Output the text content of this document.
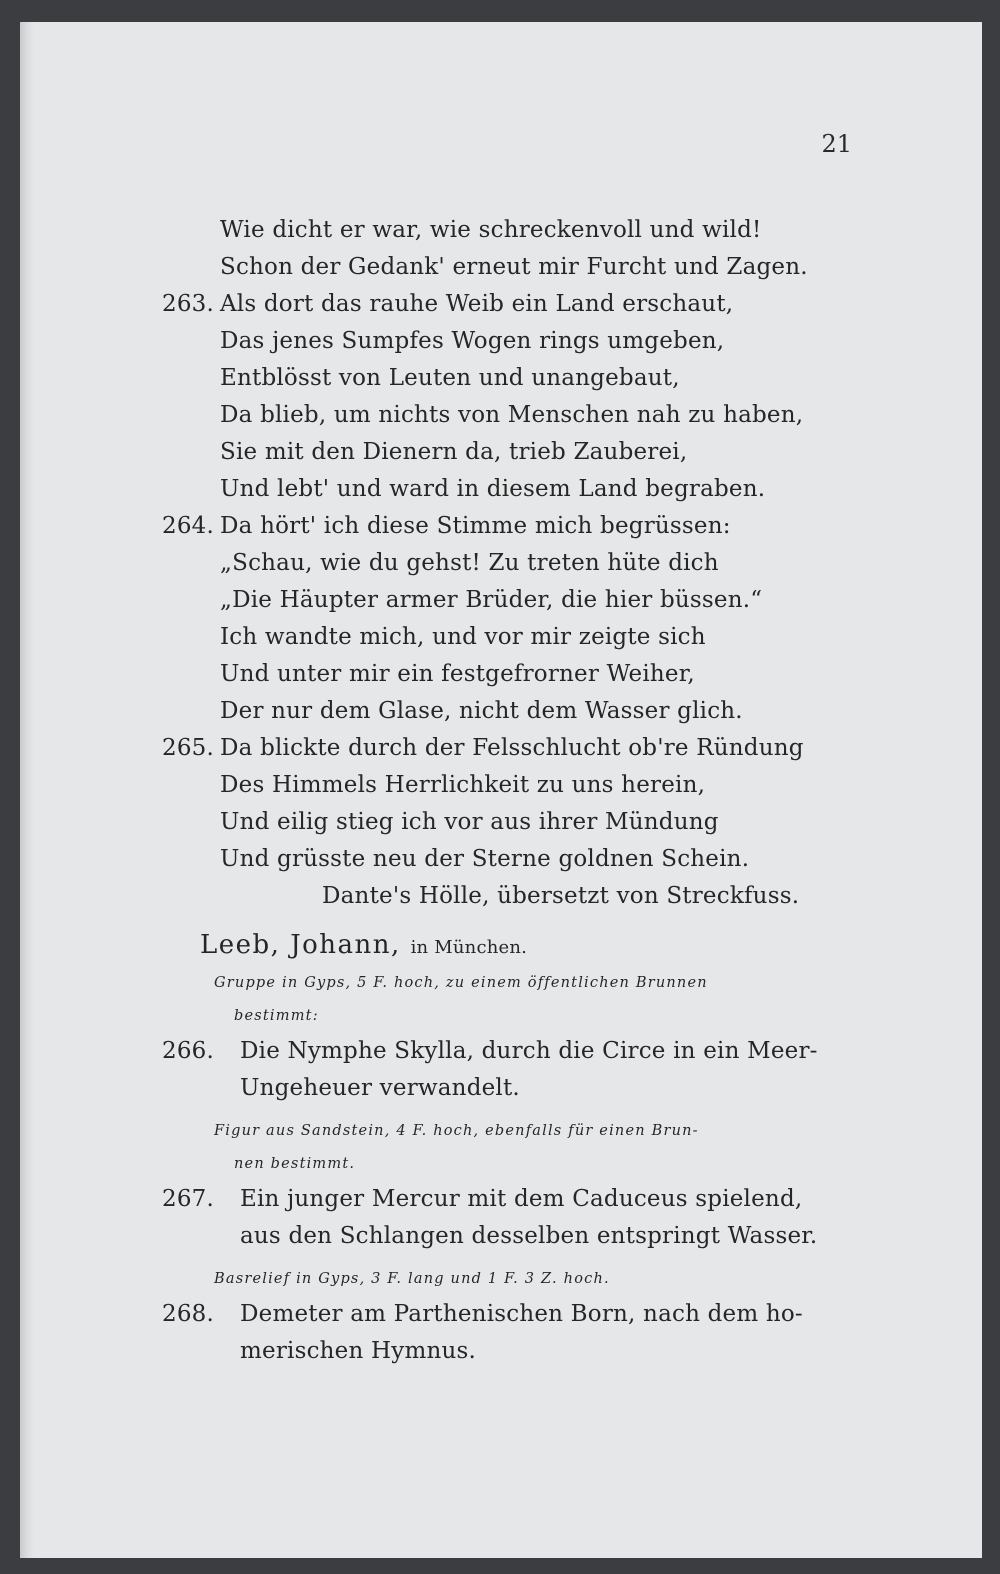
21
Wie dicht er war, wie schreckenvoll und wild!
Schon der Gedank' erneut mir Furcht und Zagen.
263. Als dort das rauhe Weib ein Land erschaut,
Das jenes Sumpfes Wogen rings umgeben,
Entblösst von Leuten und unangebaut,
Da blieb, um nichts von Menschen nah zu haben,
Sie mit den Dienern da, trieb Zauberei,
Und lebt' und ward in diesem Land begraben.
264. Da hört' ich diese Stimme mich begrüssen:
„Schau, wie du gehst! Zu treten hüte dich
„Die Häupter armer Brüder, die hier büssen.“
Ich wandte mich, und vor mir zeigte sich
Und unter mir ein festgefrorner Weiher,
Der nur dem Glase, nicht dem Wasser glich.
265. Da blickte durch der Felsschlucht ob're Ründung
Des Himmels Herrlichkeit zu uns herein,
Und eilig stieg ich vor aus ihrer Mündung
Und grüsste neu der Sterne goldnen Schein.
Dante's Hölle, übersetzt von Streckfuss.
Leeb, Johann, in München.
Gruppe in Gyps, 5 F. hoch, zu einem öffentlichen Brunnen
bestimmt:
266. Die Nymphe Skylla, durch die Circe in ein Meer-
Ungeheuer verwandelt.
Figur aus Sandstein, 4 F. hoch, ebenfalls für einen Brun-
nen bestimmt.
267. Ein junger Mercur mit dem Caduceus spielend,
aus den Schlangen desselben entspringt Wasser.
Basrelief in Gyps, 3 F. lang und 1 F. 3 Z. hoch.
268. Demeter am Parthenischen Born, nach dem ho-
merischen Hymnus.
